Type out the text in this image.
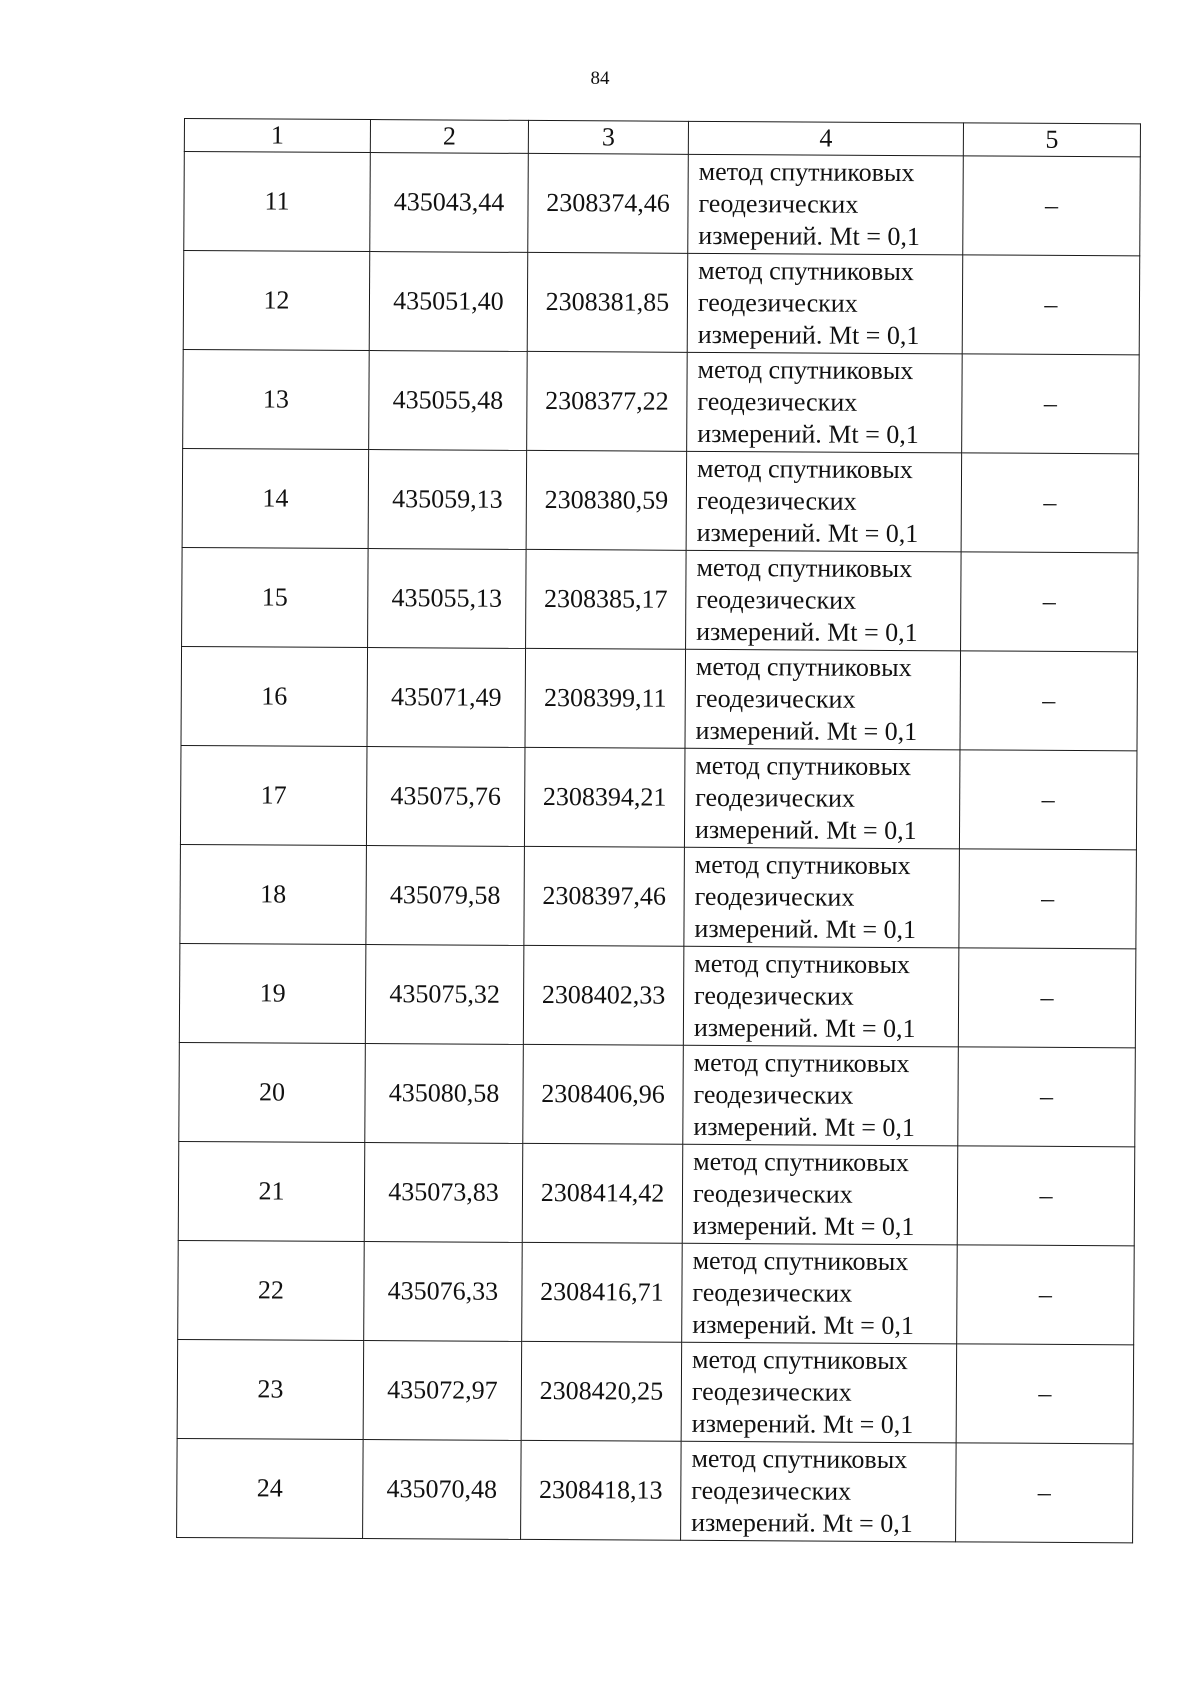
84
1	2	3	4	5
11	435043,44	2308374,46	метод спутниковых
геодезических
измерений. Mt = 0,1	–
12	435051,40	2308381,85	метод спутниковых
геодезических
измерений. Mt = 0,1	–
13	435055,48	2308377,22	метод спутниковых
геодезических
измерений. Mt = 0,1	–
14	435059,13	2308380,59	метод спутниковых
геодезических
измерений. Mt = 0,1	–
15	435055,13	2308385,17	метод спутниковых
геодезических
измерений. Mt = 0,1	–
16	435071,49	2308399,11	метод спутниковых
геодезических
измерений. Mt = 0,1	–
17	435075,76	2308394,21	метод спутниковых
геодезических
измерений. Mt = 0,1	–
18	435079,58	2308397,46	метод спутниковых
геодезических
измерений. Mt = 0,1	–
19	435075,32	2308402,33	метод спутниковых
геодезических
измерений. Mt = 0,1	–
20	435080,58	2308406,96	метод спутниковых
геодезических
измерений. Mt = 0,1	–
21	435073,83	2308414,42	метод спутниковых
геодезических
измерений. Mt = 0,1	–
22	435076,33	2308416,71	метод спутниковых
геодезических
измерений. Mt = 0,1	–
23	435072,97	2308420,25	метод спутниковых
геодезических
измерений. Mt = 0,1	–
24	435070,48	2308418,13	метод спутниковых
геодезических
измерений. Mt = 0,1	–
